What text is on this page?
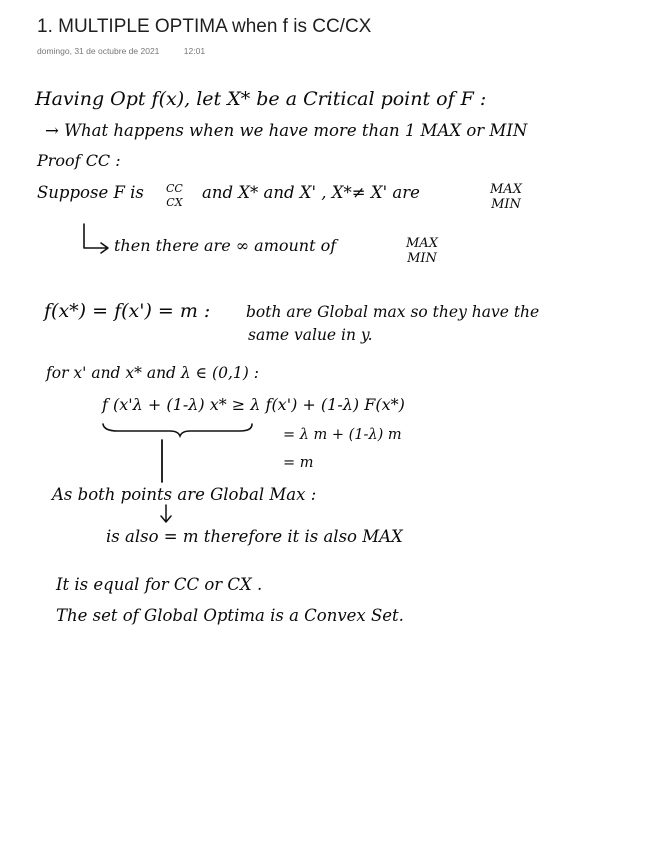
1. MULTIPLE OPTIMA when f is CC/CX
domingo, 31 de octubre de 2021	12:01
Having Opt f(x), let X* be a Critical point of F :
→ What happens when we have more than 1 MAX or MIN
Proof CC :
Suppose F is CC
CX
and X* and X' , X*≠ X' are	MAX
MIN
then there are ∞ amount of	MAX
MIN
f(x*) = f(x') = m : both are Global max so they have the
same value in y.
for x' and x* and λ ∈ (0,1) :
f (x'λ + (1-λ) x* ≥ λ f(x') + (1-λ) F(x*)
= λ m + (1-λ) m
= m
As both points are Global Max :
is also = m therefore it is also MAX
It is equal for CC or CX .
The set of Global Optima is a Convex Set.
